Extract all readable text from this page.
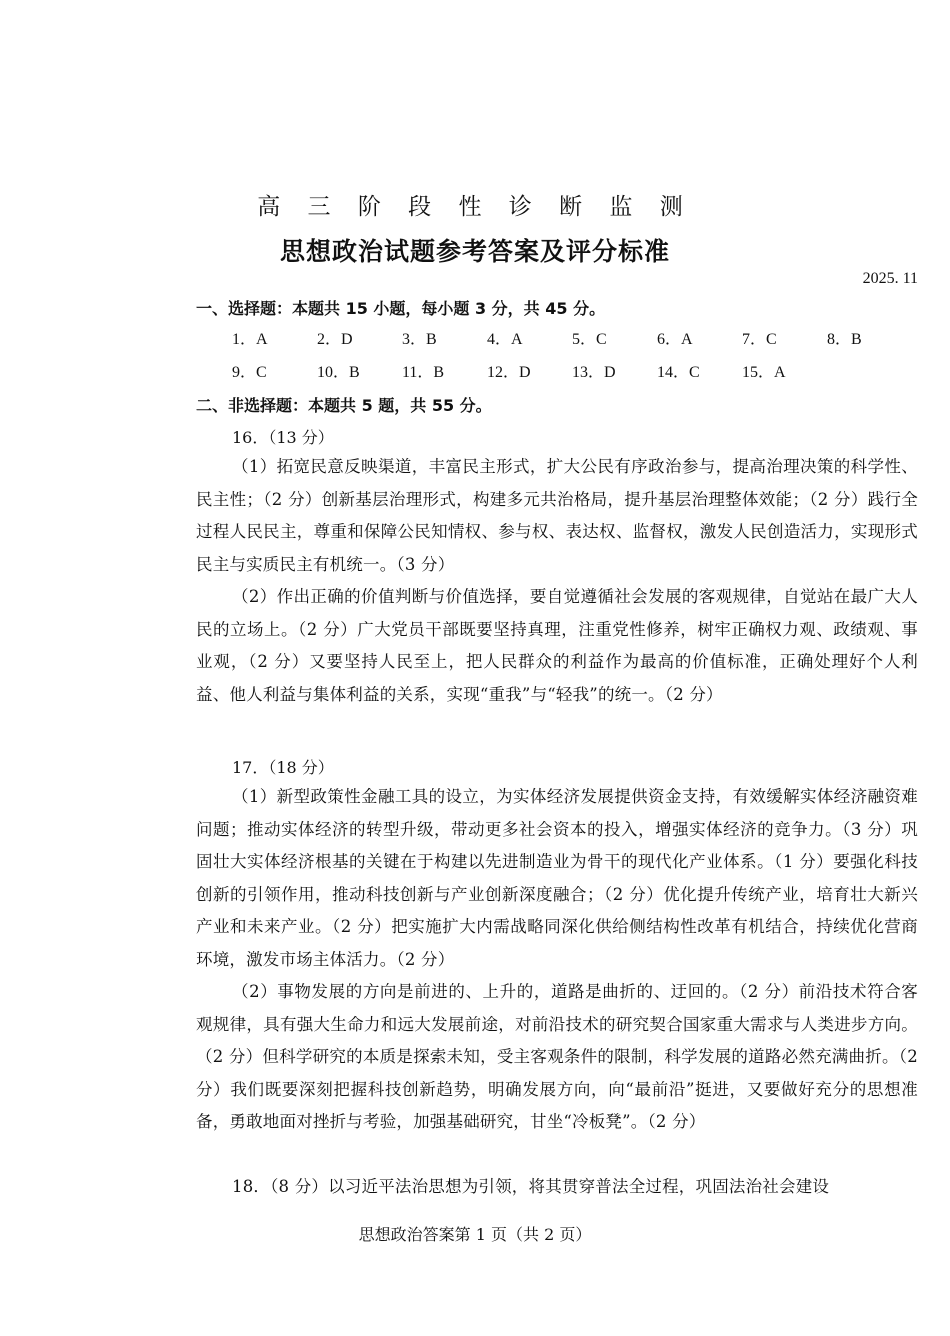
高 三 阶 段 性 诊 断 监 测
思想政治试题参考答案及评分标准
2025. 11
一、选择题：本题共 15 小题，每小题 3 分，共 45 分。
1．A	2．D	3．B	4．A	5．C	6．A	7．C	8．B
9．C	10．B	11．B	12．D	13．D	14．C	15．A
二、非选择题：本题共 5 题，共 55 分。
16．（13 分）
（1）拓宽民意反映渠道，丰富民主形式，扩大公民有序政治参与，提高治理决策的科学性、民主性；（2 分）创新基层治理形式，构建多元共治格局，提升基层治理整体效能；（2 分）践行全过程人民民主，尊重和保障公民知情权、参与权、表达权、监督权，激发人民创造活力，实现形式民主与实质民主有机统一。（3 分）
（2）作出正确的价值判断与价值选择，要自觉遵循社会发展的客观规律，自觉站在最广大人民的立场上。（2 分）广大党员干部既要坚持真理，注重党性修养，树牢正确权力观、政绩观、事业观，（2 分）又要坚持人民至上，把人民群众的利益作为最高的价值标准，正确处理好个人利益、他人利益与集体利益的关系，实现“重我”与“轻我”的统一。（2 分）
17．（18 分）
（1）新型政策性金融工具的设立，为实体经济发展提供资金支持，有效缓解实体经济融资难问题；推动实体经济的转型升级，带动更多社会资本的投入，增强实体经济的竞争力。（3 分）巩固壮大实体经济根基的关键在于构建以先进制造业为骨干的现代化产业体系。（1 分）要强化科技创新的引领作用，推动科技创新与产业创新深度融合；（2 分）优化提升传统产业，培育壮大新兴产业和未来产业。（2 分）把实施扩大内需战略同深化供给侧结构性改革有机结合，持续优化营商环境，激发市场主体活力。（2 分）
（2）事物发展的方向是前进的、上升的，道路是曲折的、迂回的。（2 分）前沿技术符合客观规律，具有强大生命力和远大发展前途，对前沿技术的研究契合国家重大需求与人类进步方向。（2 分）但科学研究的本质是探索未知，受主客观条件的限制，科学发展的道路必然充满曲折。（2 分）我们既要深刻把握科技创新趋势，明确发展方向，向“最前沿”挺进，又要做好充分的思想准备，勇敢地面对挫折与考验，加强基础研究，甘坐“冷板凳”。（2 分）
18．（8 分）以习近平法治思想为引领，将其贯穿普法全过程，巩固法治社会建设
思想政治答案第 1 页（共 2 页）
